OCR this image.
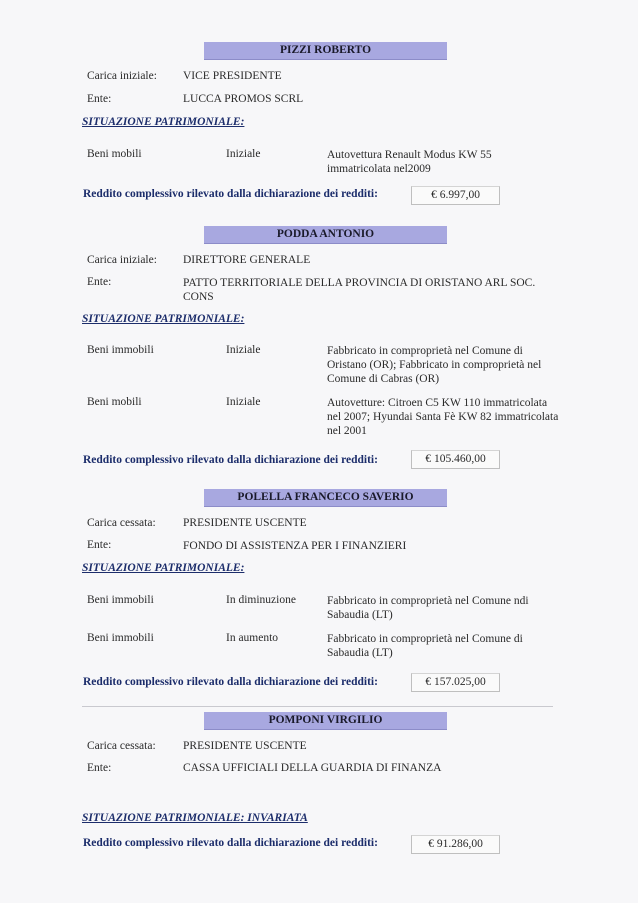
PIZZI ROBERTO
Carica iniziale: VICE PRESIDENTE
Ente:	LUCCA PROMOS SCRL
SITUAZIONE PATRIMONIALE:
Beni mobili	Iniziale	Autovettura Renault Modus KW 55 immatricolata nel2009
Reddito complessivo rilevato dalla dichiarazione dei redditi:	€ 6.997,00
PODDA ANTONIO
Carica iniziale: DIRETTORE GENERALE
Ente:	PATTO TERRITORIALE DELLA PROVINCIA DI ORISTANO ARL SOC. CONS
SITUAZIONE PATRIMONIALE:
Beni immobili	Iniziale	Fabbricato in comproprietà nel Comune di Oristano (OR); Fabbricato in comproprietà nel Comune di Cabras (OR)
Beni mobili	Iniziale	Autovetture: Citroen C5 KW 110 immatricolata nel 2007; Hyundai Santa Fè KW 82 immatricolata nel 2001
Reddito complessivo rilevato dalla dichiarazione dei redditi:	€ 105.460,00
POLELLA FRANCECO SAVERIO
Carica cessata: PRESIDENTE USCENTE
Ente:	FONDO DI ASSISTENZA PER I FINANZIERI
SITUAZIONE PATRIMONIALE:
Beni immobili	In diminuzione	Fabbricato in comproprietà nel Comune ndi Sabaudia (LT)
Beni immobili	In aumento	Fabbricato in comproprietà nel Comune di Sabaudia (LT)
Reddito complessivo rilevato dalla dichiarazione dei redditi:	€ 157.025,00
POMPONI VIRGILIO
Carica cessata: PRESIDENTE USCENTE
Ente:	CASSA UFFICIALI DELLA GUARDIA DI FINANZA
SITUAZIONE PATRIMONIALE: INVARIATA
Reddito complessivo rilevato dalla dichiarazione dei redditi:	€ 91.286,00
